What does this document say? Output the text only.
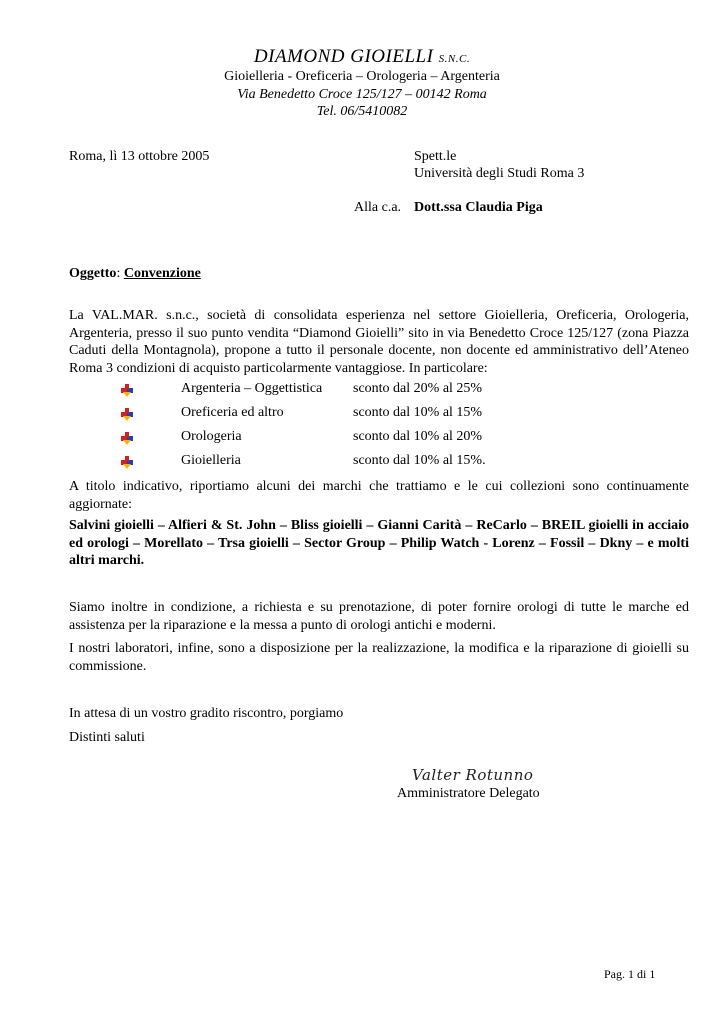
DIAMOND GIOIELLI S.N.C.
Gioielleria - Oreficeria – Orologeria – Argenteria
Via Benedetto Croce 125/127 – 00142 Roma
Tel. 06/5410082
Roma, lì 13 ottobre 2005	Spett.le
Università degli Studi Roma 3
Alla c.a. Dott.ssa Claudia Piga
Oggetto: Convenzione
La VAL.MAR. s.n.c., società di consolidata esperienza nel settore Gioielleria, Oreficeria, Orologeria, Argenteria, presso il suo punto vendita “Diamond Gioielli” sito in via Benedetto Croce 125/127 (zona Piazza Caduti della Montagnola), propone a tutto il personale docente, non docente ed amministrativo dell’Ateneo Roma 3 condizioni di acquisto particolarmente vantaggiose. In particolare:
Argenteria – Oggettistica sconto dal 20% al 25%
Oreficeria ed altro	sconto dal 10% al 15%
Orologeria	sconto dal 10% al 20%
Gioielleria	sconto dal 10% al 15%.
A titolo indicativo, riportiamo alcuni dei marchi che trattiamo e le cui collezioni sono continuamente aggiornate:
Salvini gioielli – Alfieri & St. John – Bliss gioielli – Gianni Carità – ReCarlo – BREIL gioielli in acciaio ed orologi – Morellato – Trsa gioielli – Sector Group – Philip Watch - Lorenz – Fossil – Dkny – e molti altri marchi.
Siamo inoltre in condizione, a richiesta e su prenotazione, di poter fornire orologi di tutte le marche ed assistenza per la riparazione e la messa a punto di orologi antichi e moderni.
I nostri laboratori, infine, sono a disposizione per la realizzazione, la modifica e la riparazione di gioielli su commissione.
In attesa di un vostro gradito riscontro, porgiamo
Distinti saluti
Valter Rotunno
Amministratore Delegato
Pag. 1 di 1
